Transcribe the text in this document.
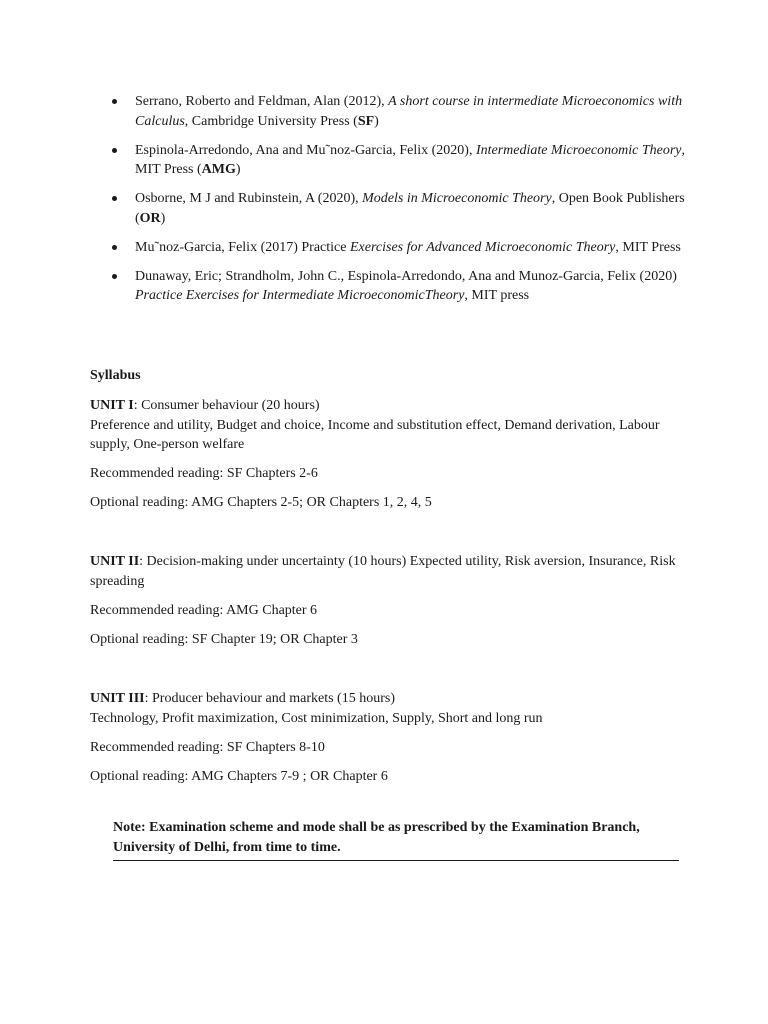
Serrano, Roberto and Feldman, Alan (2012), A short course in intermediate Microeconomics with Calculus, Cambridge University Press (SF)
Espinola-Arredondo, Ana and Mu˜noz-Garcia, Felix (2020), Intermediate Microeconomic Theory, MIT Press (AMG)
Osborne, M J and Rubinstein, A (2020), Models in Microeconomic Theory, Open Book Publishers (OR)
Mu˜noz-Garcia, Felix (2017) Practice Exercises for Advanced Microeconomic Theory, MIT Press
Dunaway, Eric; Strandholm, John C., Espinola-Arredondo, Ana and Munoz-Garcia, Felix (2020) Practice Exercises for Intermediate MicroeconomicTheory, MIT press
Syllabus

UNIT I: Consumer behaviour (20 hours)

Preference and utility, Budget and choice, Income and substitution effect, Demand derivation, Labour supply, One-person welfare

Recommended reading: SF Chapters 2-6

Optional reading: AMG Chapters 2-5; OR Chapters 1, 2, 4, 5

UNIT II: Decision-making under uncertainty (10 hours) Expected utility, Risk aversion, Insurance, Risk spreading

Recommended reading: AMG Chapter 6

Optional reading: SF Chapter 19; OR Chapter 3

UNIT III: Producer behaviour and markets (15 hours)

Technology, Profit maximization, Cost minimization, Supply, Short and long run

Recommended reading: SF Chapters 8-10

Optional reading: AMG Chapters 7-9 ; OR Chapter 6

Note: Examination scheme and mode shall be as prescribed by the Examination Branch, University of Delhi, from time to time.
